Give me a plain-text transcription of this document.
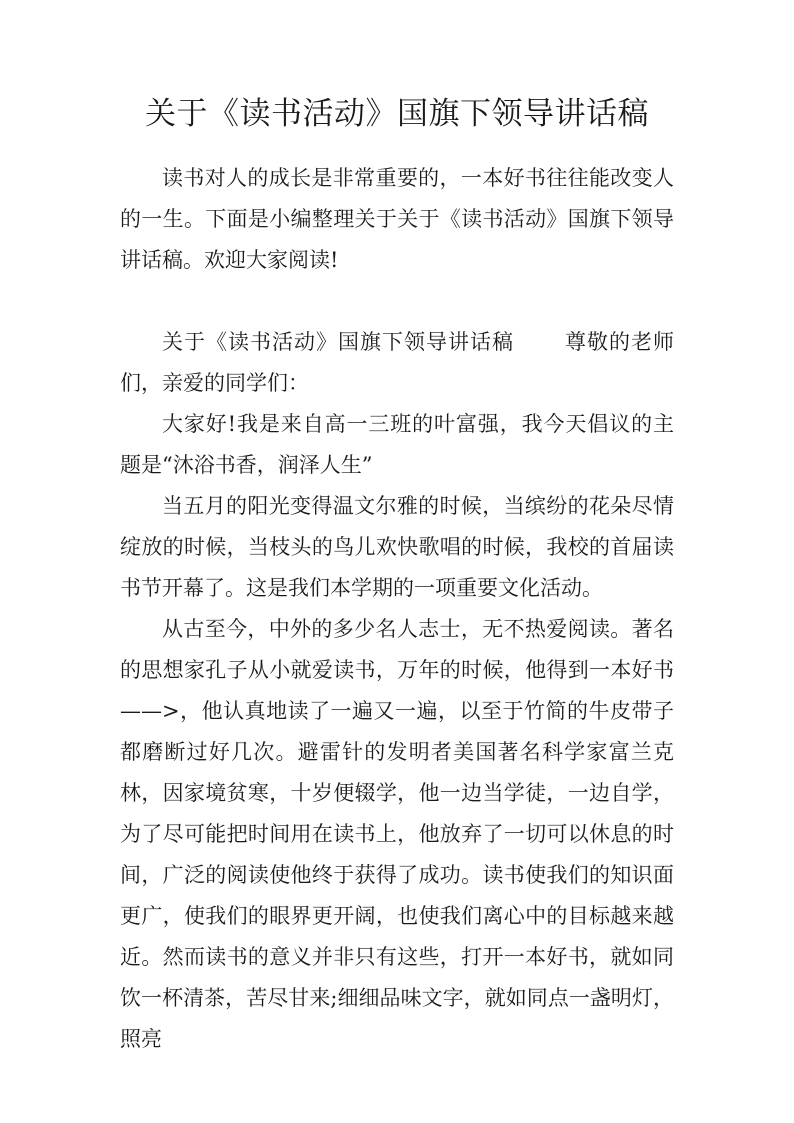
关于《读书活动》国旗下领导讲话稿

读书对人的成长是非常重要的，一本好书往往能改变人的一生。下面是小编整理关于关于《读书活动》国旗下领导讲话稿。欢迎大家阅读!

关于《读书活动》国旗下领导讲话稿 尊敬的老师们，亲爱的同学们：

大家好!我是来自高一三班的叶富强，我今天倡议的主题是“沐浴书香，润泽人生”

当五月的阳光变得温文尔雅的时候，当缤纷的花朵尽情绽放的时候，当枝头的鸟儿欢快歌唱的时候，我校的首届读书节开幕了。这是我们本学期的一项重要文化活动。

从古至今，中外的多少名人志士，无不热爱阅读。著名的思想家孔子从小就爱读书，万年的时候，他得到一本好书——>，他认真地读了一遍又一遍，以至于竹简的牛皮带子都磨断过好几次。避雷针的发明者美国著名科学家富兰克林，因家境贫寒，十岁便辍学，他一边当学徒，一边自学，为了尽可能把时间用在读书上，他放弃了一切可以休息的时间，广泛的阅读使他终于获得了成功。读书使我们的知识面更广，使我们的眼界更开阔，也使我们离心中的目标越来越近。然而读书的意义并非只有这些，打开一本好书，就如同饮一杯清茶，苦尽甘来;细细品味文字，就如同点一盏明灯，照亮
